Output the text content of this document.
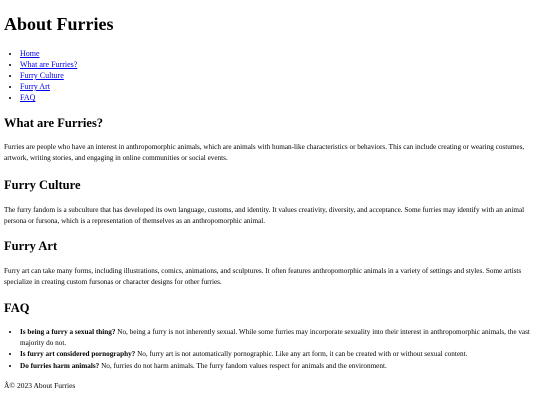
About Furries
• Home
• What are Furries?
• Furry Culture
• Furry Art
• FAQ
What are Furries?

Furries are people who have an interest in anthropomorphic animals, which are animals with human-like characteristics or behaviors. This can include creating or wearing costumes, artwork, writing stories, and engaging in online communities or social events.

Furry Culture

The furry fandom is a subculture that has developed its own language, customs, and identity. It values creativity, diversity, and acceptance. Some furries may identify with an animal persona or fursona, which is a representation of themselves as an anthropomorphic animal.

Furry Art

Furry art can take many forms, including illustrations, comics, animations, and sculptures. It often features anthropomorphic animals in a variety of settings and styles. Some artists specialize in creating custom fursonas or character designs for other furries.

FAQ
• Is being a furry a sexual thing? No, being a furry is not inherently sexual. While some furries may incorporate sexuality into their interest in anthropomorphic animals, the vast majority do not.
• Is furry art considered pornography? No, furry art is not automatically pornographic. Like any art form, it can be created with or without sexual content.
• Do furries harm animals? No, furries do not harm animals. The furry fandom values respect for animals and the environment.
Â© 2023 About Furries
